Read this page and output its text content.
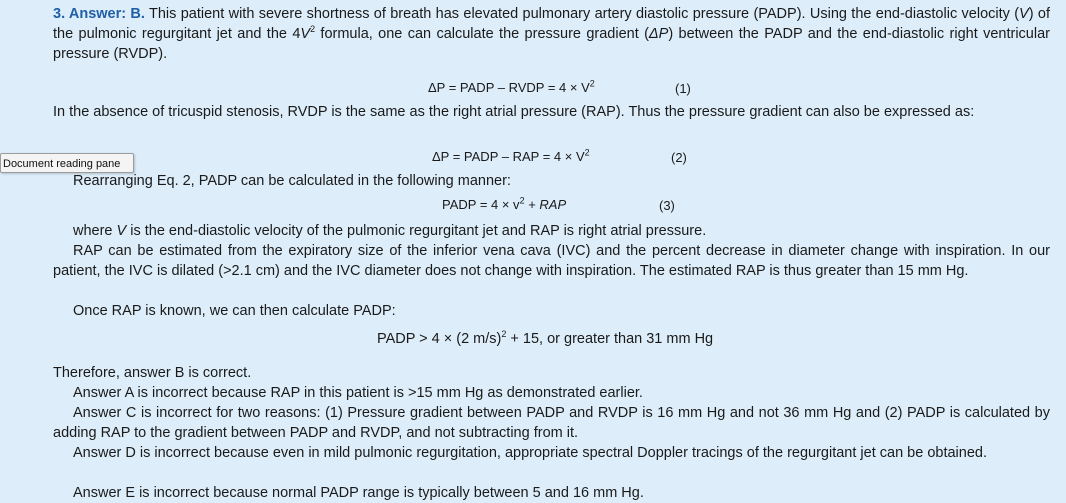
3. Answer: B. This patient with severe shortness of breath has elevated pulmonary artery diastolic pressure (PADP). Using the end-diastolic velocity (V) of the pulmonic regurgitant jet and the $4V^2$ formula, one can calculate the pressure gradient (ΔP) between the PADP and the end-diastolic right ventricular pressure (RVDP).

ΔP = PADP – RVDP = $4 \times V^2$	(1)

In the absence of tricuspid stenosis, RVDP is the same as the right atrial pressure (RAP). Thus the pressure gradient can also be expressed as:

ΔP = PADP – RAP = $4 \times V^2$	(2)

Rearranging Eq. 2, PADP can be calculated in the following manner:

PADP = $4 \times v^2$ + RAP	(3)

where V is the end-diastolic velocity of the pulmonic regurgitant jet and RAP is right atrial pressure.

RAP can be estimated from the expiratory size of the inferior vena cava (IVC) and the percent decrease in diameter change with inspiration. In our patient, the IVC is dilated (>2.1 cm) and the IVC diameter does not change with inspiration. The estimated RAP is thus greater than 15 mm Hg.

Once RAP is known, we can then calculate PADP:

PADP > 4 × (2 m/s)$^2$ + 15, or greater than 31 mm Hg

Therefore, answer B is correct.

Answer A is incorrect because RAP in this patient is >15 mm Hg as demonstrated earlier.

Answer C is incorrect for two reasons: (1) Pressure gradient between PADP and RVDP is 16 mm Hg and not 36 mm Hg and (2) PADP is calculated by adding RAP to the gradient between PADP and RVDP, and not subtracting from it.

Answer D is incorrect because even in mild pulmonic regurgitation, appropriate spectral Doppler tracings of the regurgitant jet can be obtained.

Answer E is incorrect because normal PADP range is typically between 5 and 16 mm Hg.

Document reading pane
